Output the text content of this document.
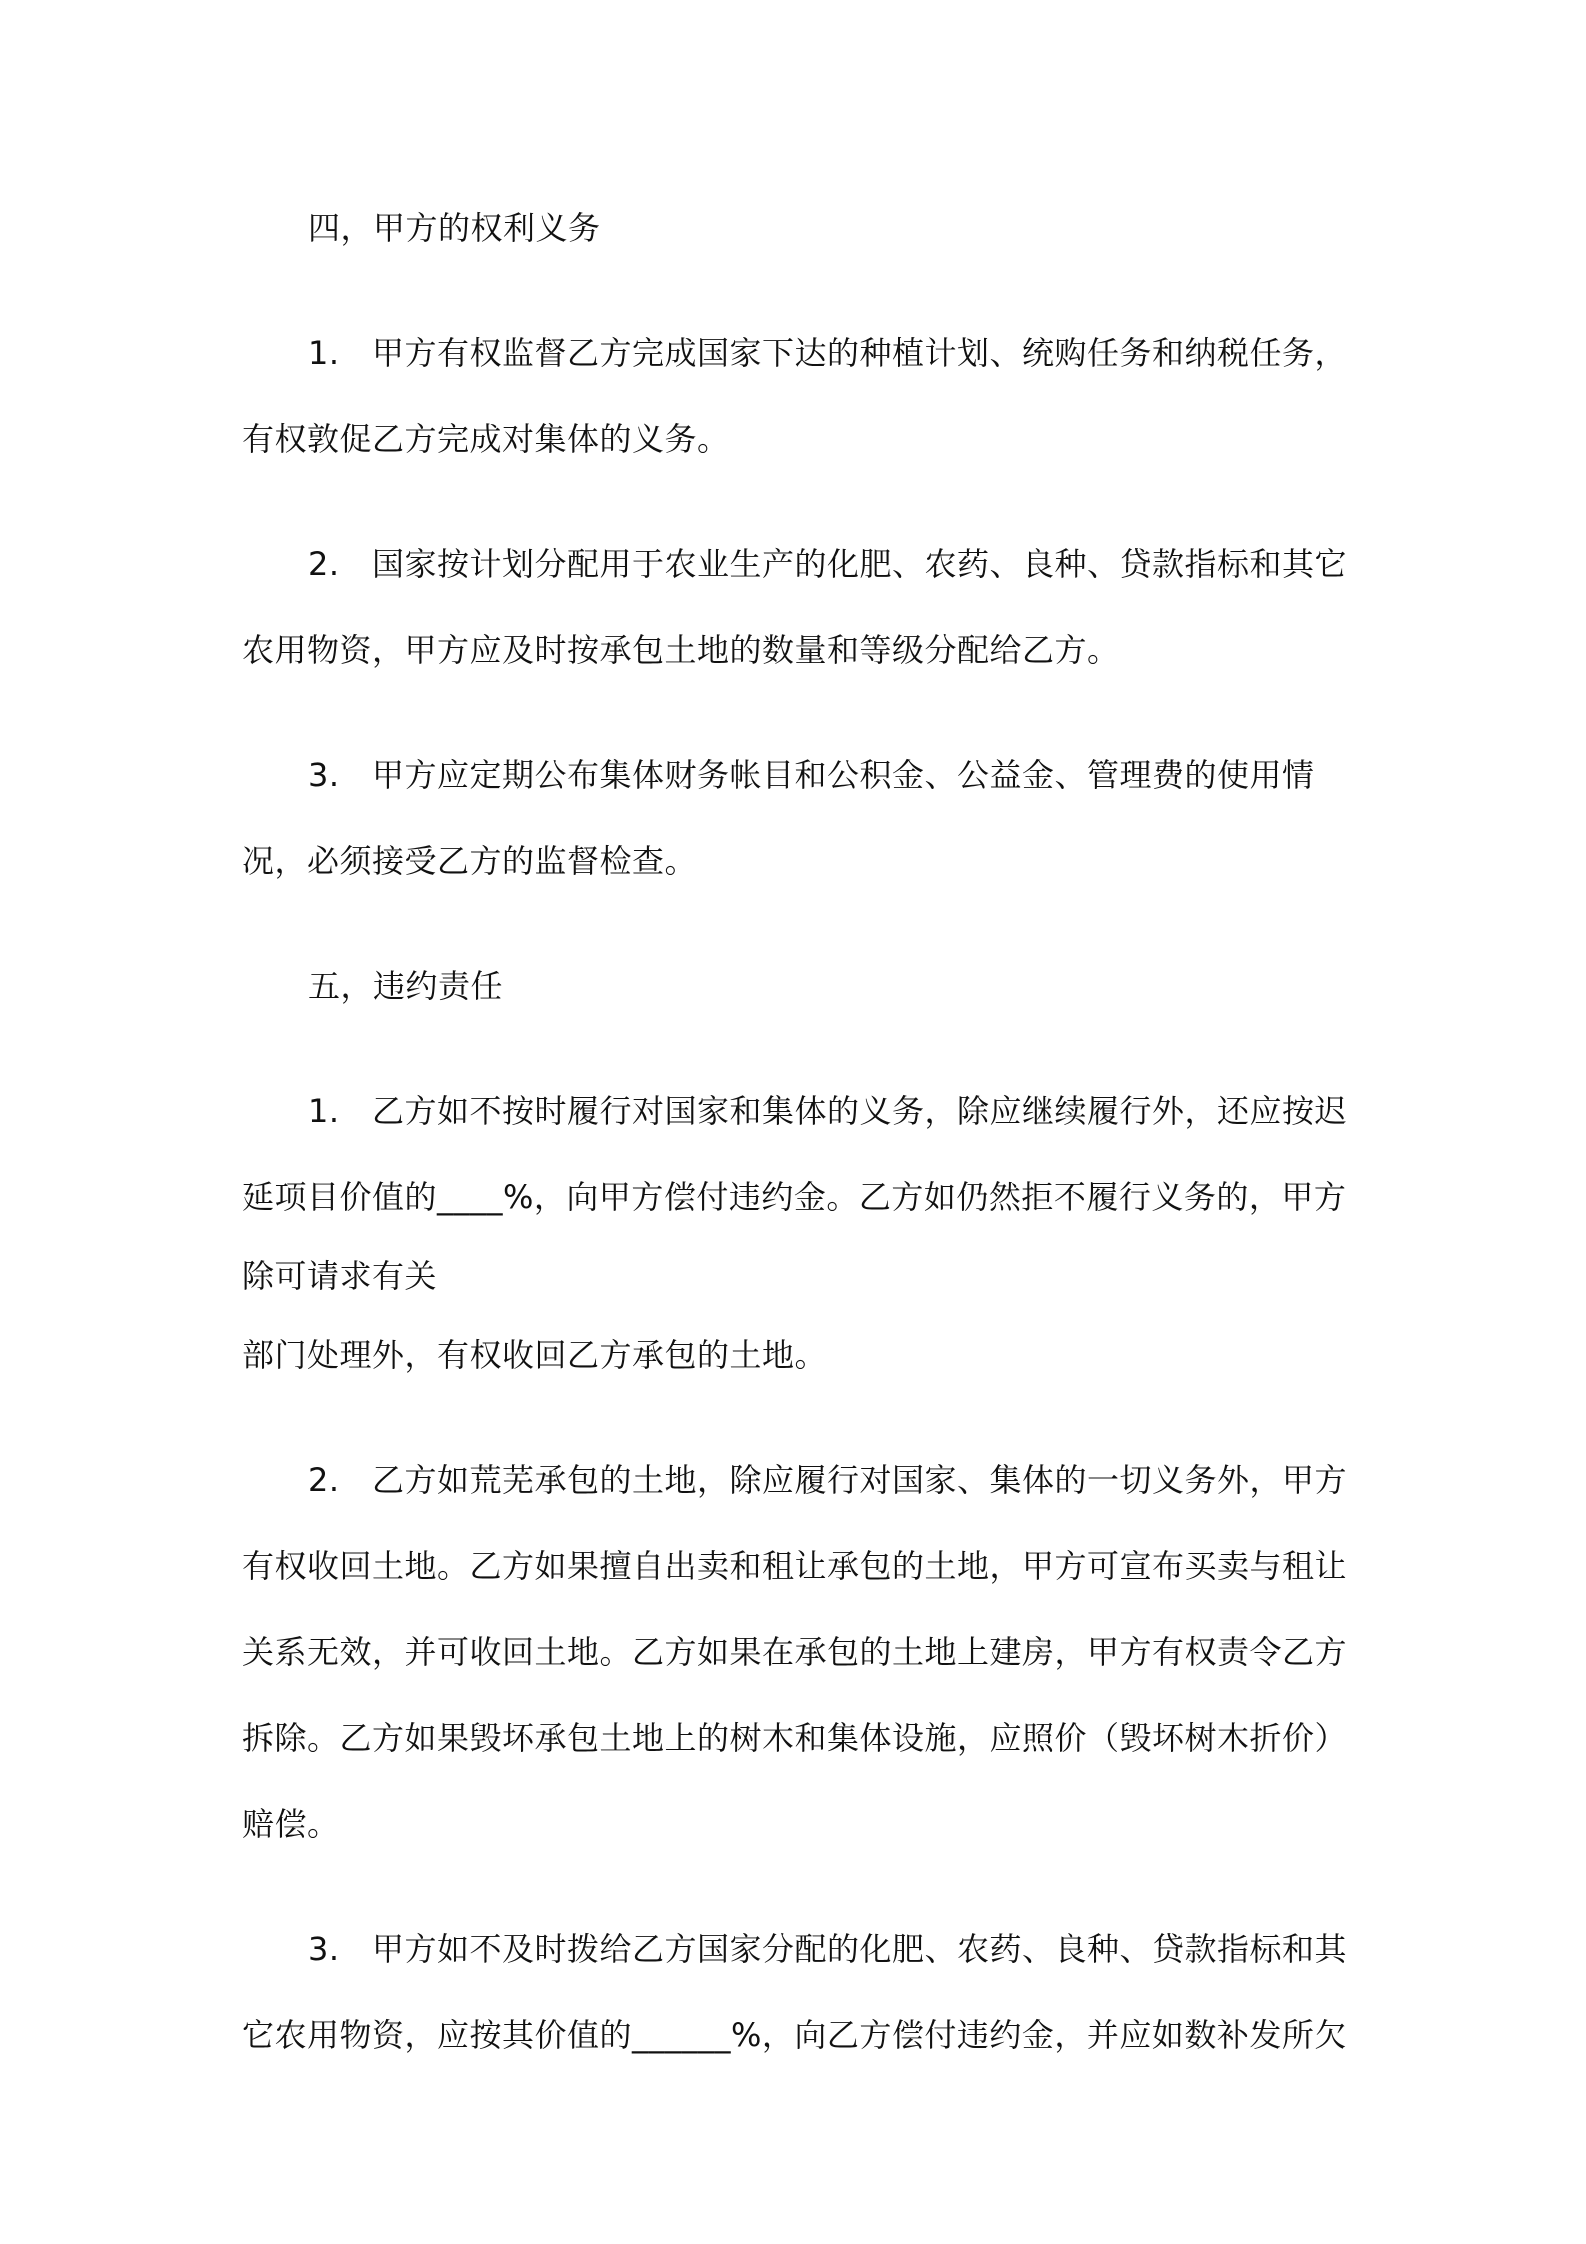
四，甲方的权利义务
1. 甲方有权监督乙方完成国家下达的种植计划、统购任务和纳税任务，
有权敦促乙方完成对集体的义务。
2. 国家按计划分配用于农业生产的化肥、农药、良种、贷款指标和其它
农用物资，甲方应及时按承包土地的数量和等级分配给乙方。
3. 甲方应定期公布集体财务帐目和公积金、公益金、管理费的使用情
况，必须接受乙方的监督检查。
五，违约责任
1. 乙方如不按时履行对国家和集体的义务，除应继续履行外，还应按迟
延项目价值的____%，向甲方偿付违约金。乙方如仍然拒不履行义务的，甲方
除可请求有关
部门处理外，有权收回乙方承包的土地。
2. 乙方如荒芜承包的土地，除应履行对国家、集体的一切义务外，甲方
有权收回土地。乙方如果擅自出卖和租让承包的土地，甲方可宣布买卖与租让
关系无效，并可收回土地。乙方如果在承包的土地上建房，甲方有权责令乙方
拆除。乙方如果毁坏承包土地上的树木和集体设施，应照价（毁坏树木折价）
赔偿。
3. 甲方如不及时拨给乙方国家分配的化肥、农药、良种、贷款指标和其
它农用物资，应按其价值的______%，向乙方偿付违约金，并应如数补发所欠
